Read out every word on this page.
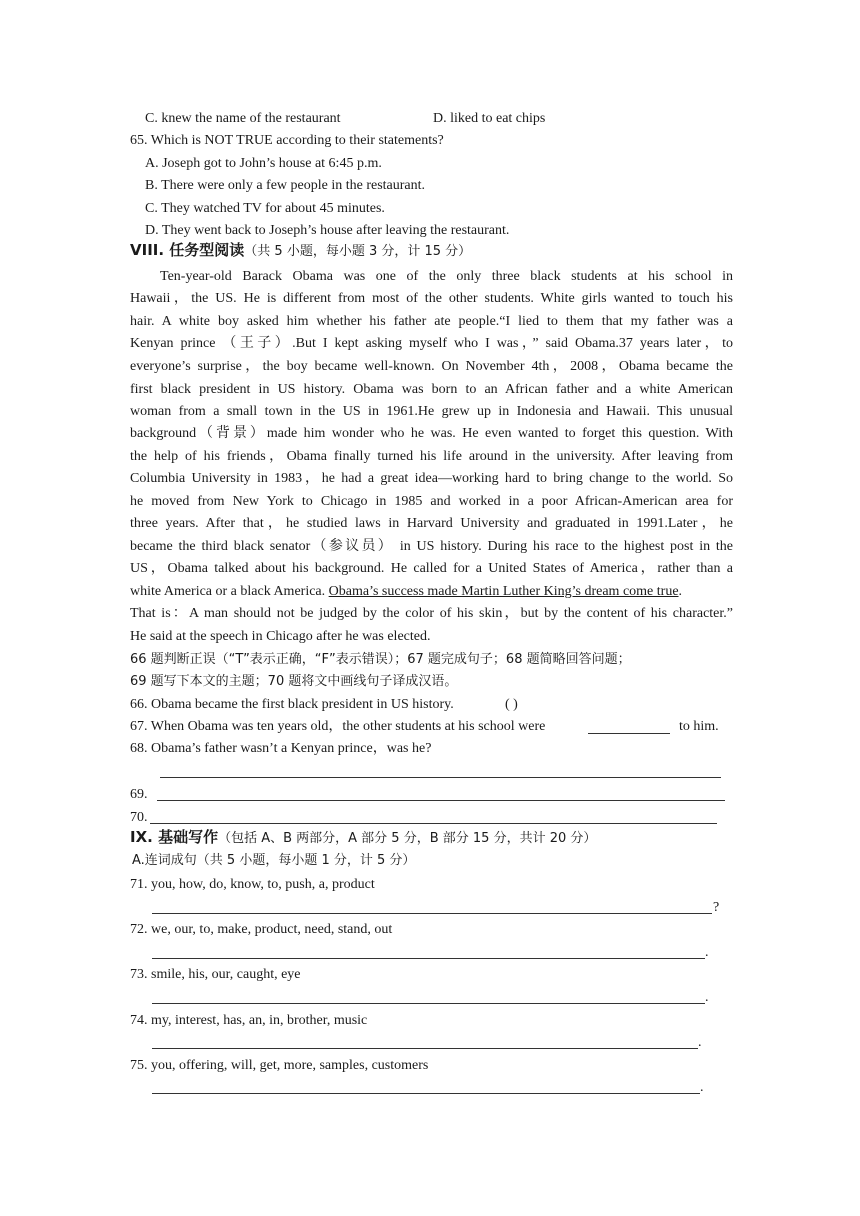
C. knew the name of the restaurant	D. liked to eat chips
65. Which is NOT TRUE according to their statements?
A. Joseph got to John’s house at 6:45 p.m.
B. There were only a few people in the restaurant.
C. They watched TV for about 45 minutes.
D. They went back to Joseph’s house after leaving the restaurant.
VIII. 任务型阅读（共 5 小题，每小题 3 分，计 15 分）
Ten-year-old Barack Obama was one of the only three black students at his school in
Hawaii，the US. He is different from most of the other students. White girls wanted to touch his
hair. A white boy asked him whether his father ate people.“I lied to them that my father was a
Kenyan prince （王子）.But I kept asking myself who I was，” said Obama.37 years later，to
everyone’s surprise，the boy became well-known. On November 4th，2008，Obama became the
first black president in US history. Obama was born to an African father and a white American
woman from a small town in the US in 1961.He grew up in Indonesia and Hawaii. This unusual
background（背景）made him wonder who he was. He even wanted to forget this question. With
the help of his friends，Obama finally turned his life around in the university. After leaving from
Columbia University in 1983，he had a great idea—working hard to bring change to the world. So
he moved from New York to Chicago in 1985 and worked in a poor African-American area for
three years. After that，he studied laws in Harvard University and graduated in 1991.Later，he
became the third black senator（参议员） in US history. During his race to the highest post in the
US，Obama talked about his background. He called for a United States of America，rather than a
white America or a black America. Obama’s success made Martin Luther King’s dream come true.
That is：A man should not be judged by the color of his skin，but by the content of his character.”
He said at the speech in Chicago after he was elected.
66 题判断正误（“T”表示正确，“F”表示错误）；67 题完成句子；68 题简略回答问题；
69 题写下本文的主题；70 题将文中画线句子译成汉语。
66. Obama became the first black president in US history.	( )
67. When Obama was ten years old，the other students at his school were	to him.
68. Obama’s father wasn’t a Kenyan prince，was he?
69.
70.
IX. 基础写作（包括 A、B 两部分，A 部分 5 分，B 部分 15 分，共计 20 分）
A.连词成句（共 5 小题，每小题 1 分，计 5 分）
71. you, how, do, know, to, push, a, product
?
72. we, our, to, make, product, need, stand, out
.
73. smile, his, our, caught, eye
.
74. my, interest, has, an, in, brother, music
.
75. you, offering, will, get, more, samples, customers
.
